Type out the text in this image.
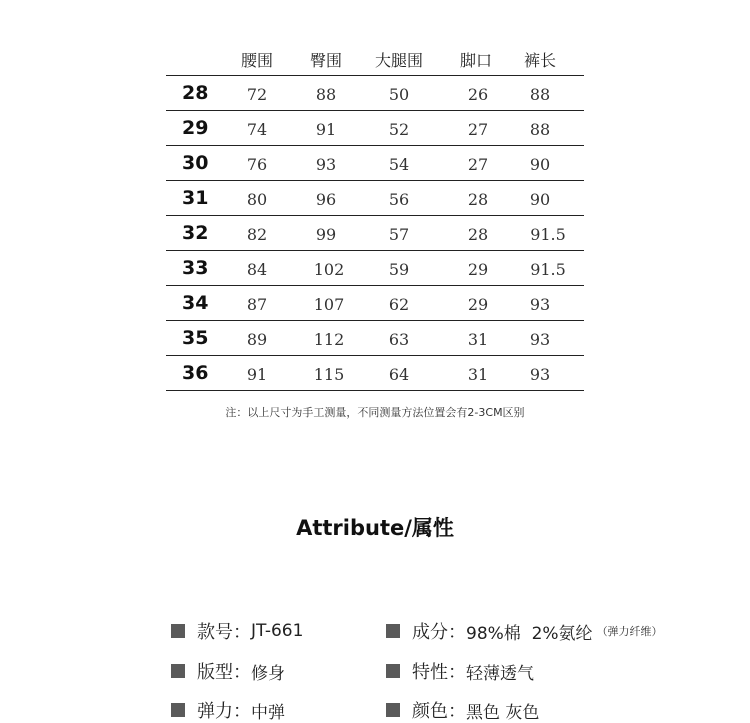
腰围 臀围 大腿围 脚口 裤长
28 72	88	50	26	88
29 74	91	52	27	88
30 76	93	54	27	90
31 80	96	56	28	90
32 82	99	57	28	91.5
33 84	102	59	29	91.5
34 87	107	62	29	93
35 89	112	63	31	93
36 91	115	64	31	93
注：以上尺寸为手工测量，不同测量方法位置会有2-3CM区别
Attribute/属性
款号： JT-661	成分： 98%棉  2%氨纶 （弹力纤维）
版型： 修身	特性： 轻薄透气
弹力： 中弹	颜色： 黑色 灰色
